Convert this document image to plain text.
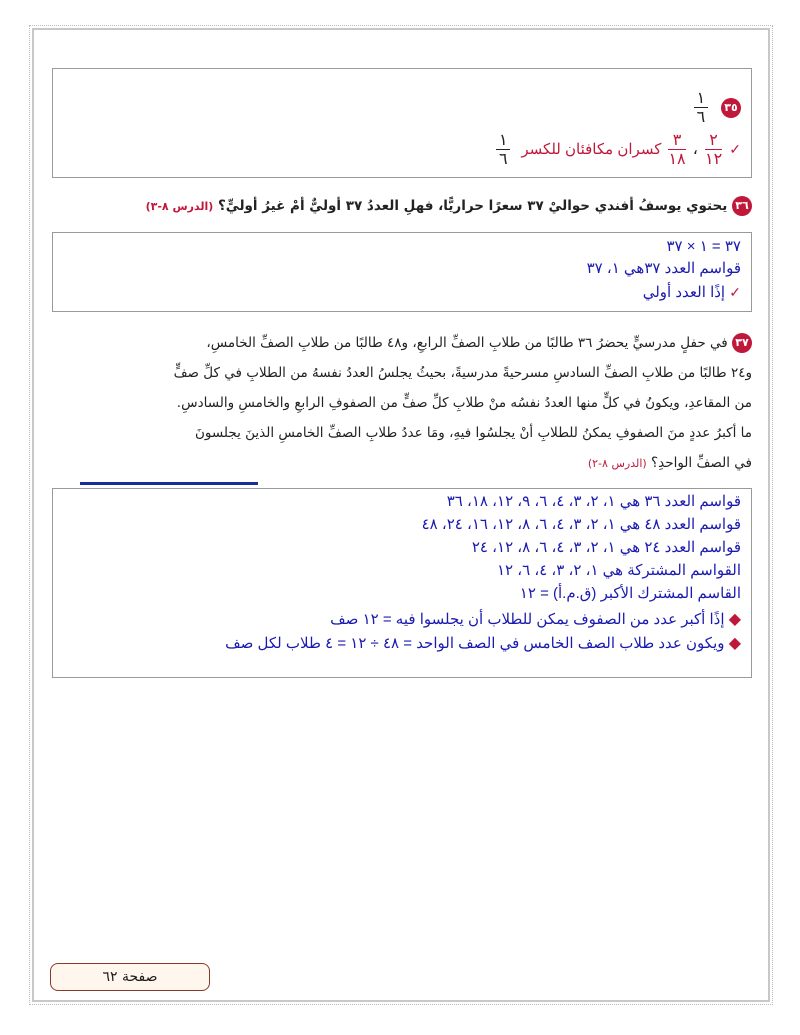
٣٥
$\frac{١}{٦}$
✓
$\frac{٢}{١٢}$
،
$\frac{٣}{١٨}$
كسران مكافئان للكسر
$\frac{١}{٦}$
٣٦ يحتوي يوسفُ أفندي حواليْ ٣٧ سعرًا حراريًّا، فهلِ العددُ ٣٧ أوليٌّ أمْ غيرُ أوليٍّ؟ (الدرس ٨-٣)
٣٧ = ١ × ٣٧
قواسم العدد ٣٧هي ١، ٣٧
✓ إذًا العدد أولي
٣٧ في حفلٍ مدرسيٍّ يحضرُ ٣٦ طالبًا من طلابِ الصفِّ الرابعِ، و٤٨ طالبًا من طلابِ الصفِّ الخامسِ،
و٢٤ طالبًا من طلابِ الصفِّ السادسِ مسرحيةً مدرسيةً، بحيثُ يجلسُ العددُ نفسهُ من الطلابِ في كلِّ صفٍّ
من المقاعدِ، ويكونُ في كلٍّ منها العددُ نفسُه منْ طلابِ كلِّ صفٍّ من الصفوفِ الرابعِ والخامسِ والسادسِ.
ما أكبرُ عددٍ منَ الصفوفِ يمكنُ للطلابِ أنْ يجلسُوا فيهِ، ومَا عددُ طلابِ الصفِّ الخامسِ الذينَ يجلسونَ
في الصفِّ الواحدِ؟ (الدرس ٨-٢)
قواسم العدد ٣٦ هي ١، ٢، ٣، ٤، ٦، ٩، ١٢، ١٨، ٣٦
قواسم العدد ٤٨ هي ١، ٢، ٣، ٤، ٦، ٨، ١٢، ١٦، ٢٤، ٤٨
قواسم العدد ٢٤ هي ١، ٢، ٣، ٤، ٦، ٨، ١٢، ٢٤
القواسم المشتركة هي ١، ٢، ٣، ٤، ٦، ١٢
القاسم المشترك الأكبر (ق.م.أ) = ١٢
◆ إذًا أكبر عدد من الصفوف يمكن للطلاب أن يجلسوا فيه = ١٢ صف
◆ ويكون عدد طلاب الصف الخامس في الصف الواحد = ٤٨ ÷ ١٢ = ٤ طلاب لكل صف
صفحة ٦٢
